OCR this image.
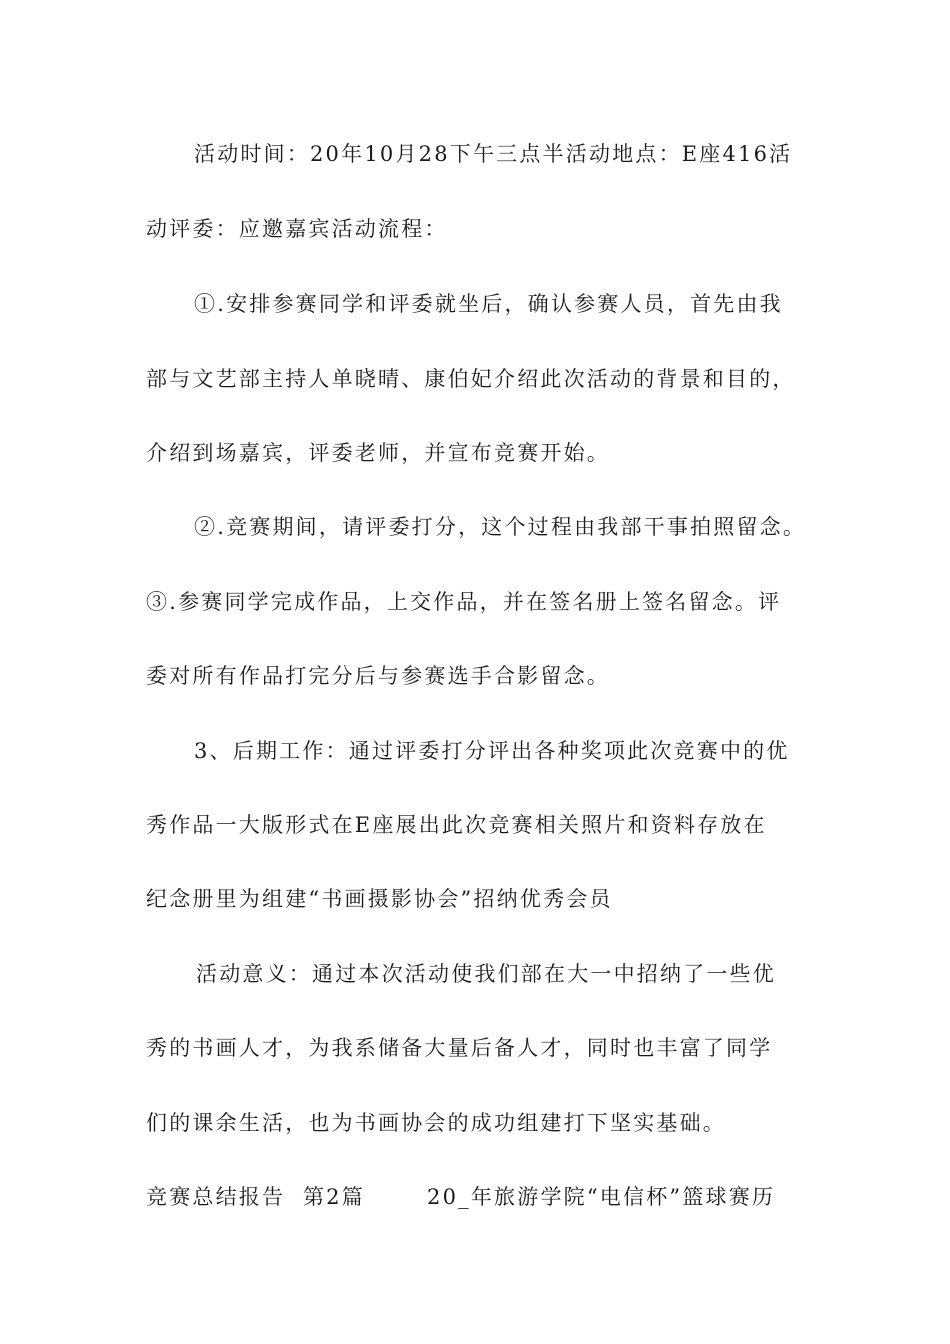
活动时间：20年10月28下午三点半活动地点：E座416活
动评委：应邀嘉宾活动流程：
①.安排参赛同学和评委就坐后，确认参赛人员，首先由我
部与文艺部主持人单晓晴、康伯妃介绍此次活动的背景和目的，
介绍到场嘉宾，评委老师，并宣布竞赛开始。
②.竞赛期间，请评委打分，这个过程由我部干事拍照留念。
③.参赛同学完成作品，上交作品，并在签名册上签名留念。评
委对所有作品打完分后与参赛选手合影留念。
3、后期工作：通过评委打分评出各种奖项此次竞赛中的优
秀作品一大版形式在E座展出此次竞赛相关照片和资料存放在
纪念册里为组建“书画摄影协会”招纳优秀会员
活动意义：通过本次活动使我们部在大一中招纳了一些优
秀的书画人才，为我系储备大量后备人才，同时也丰富了同学
们的课余生活，也为书画协会的成功组建打下坚实基础。
竞赛总结报告  第2篇       20_年旅游学院“电信杯”篮球赛历
